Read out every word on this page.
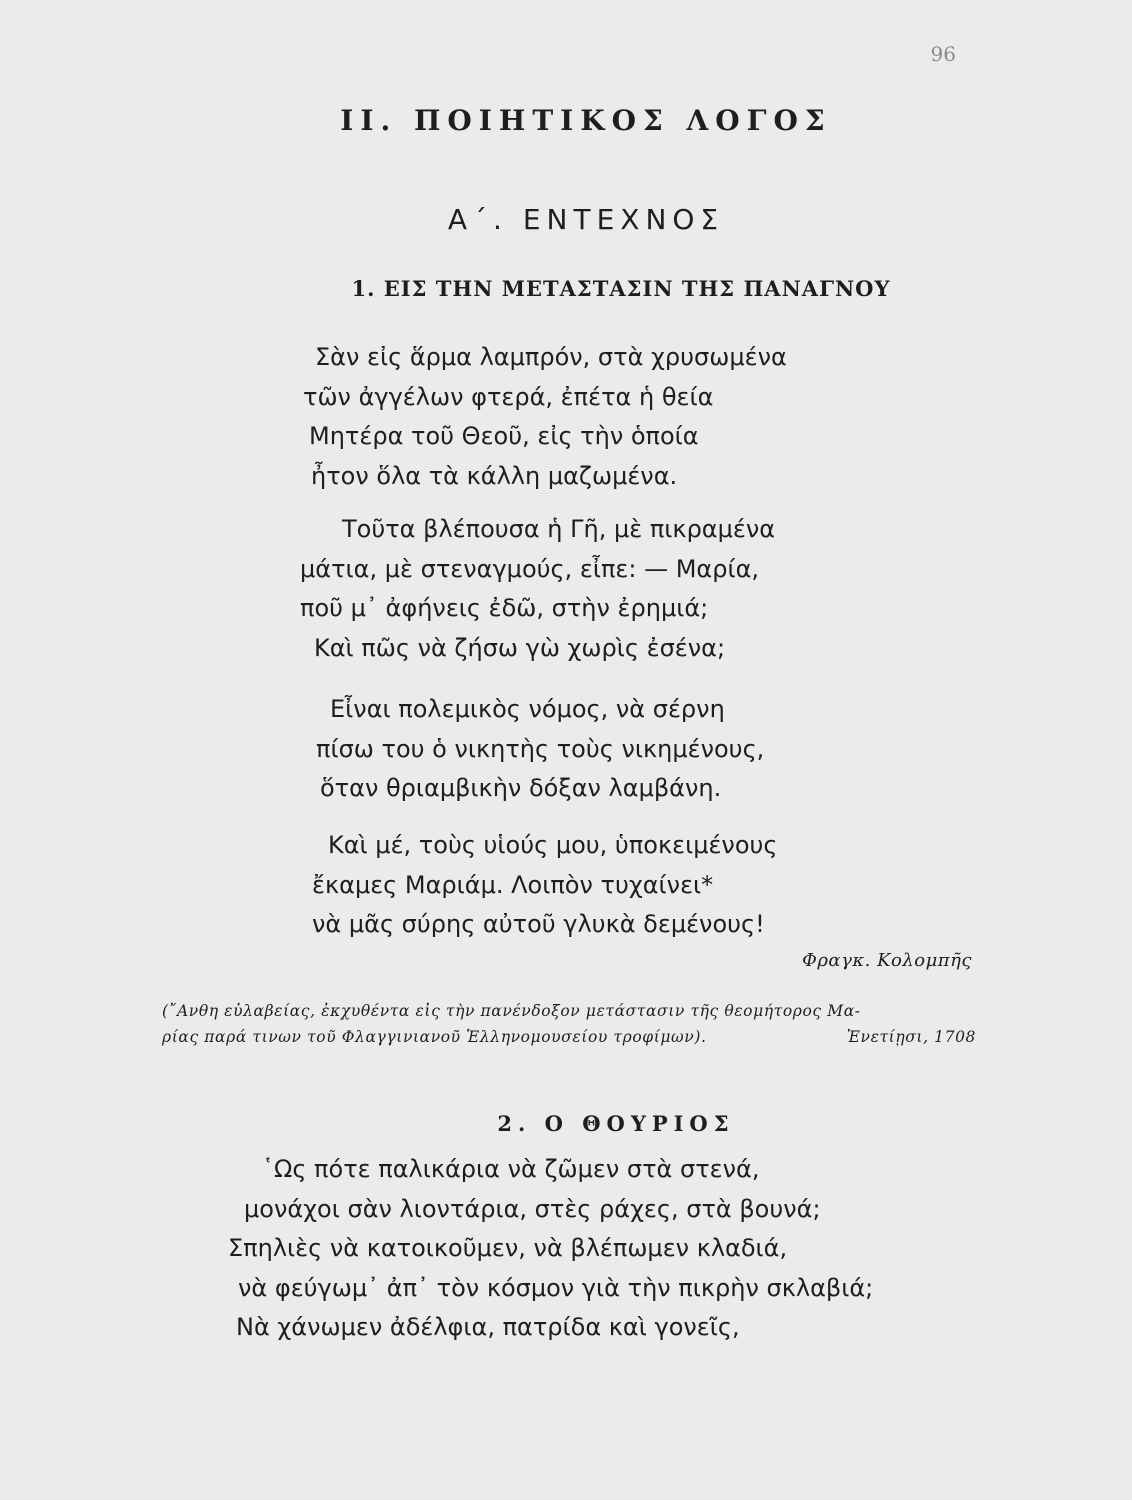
96
ΙΙ. ΠΟΙΗΤΙΚΟΣ ΛΟΓΟΣ
Α΄. ΕΝΤΕΧΝΟΣ
1. ΕΙΣ ΤΗΝ ΜΕΤΑΣΤΑΣΙΝ ΤΗΣ ΠΑΝΑΓΝΟΥ
Σὰν εἰς ἅρμα λαμπρόν, στὰ χρυσωμένα
τῶν ἀγγέλων φτερά, ἐπέτα ἡ θεία
Μητέρα τοῦ Θεοῦ, εἰς τὴν ὁποία
ἦτον ὅλα τὰ κάλλη μαζωμένα.
Τοῦτα βλέπουσα ἡ Γῆ, μὲ πικραμένα
μάτια, μὲ στεναγμούς, εἶπε: — Μαρία,
ποῦ μ᾽ ἀφήνεις ἐδῶ, στὴν ἐρημιά;
Καὶ πῶς νὰ ζήσω γὼ χωρὶς ἐσένα;
Εἶναι πολεμικὸς νόμος, νὰ σέρνη
πίσω του ὁ νικητὴς τοὺς νικημένους,
ὅταν θριαμβικὴν δόξαν λαμβάνη.
Καὶ μέ, τοὺς υἱούς μου, ὑποκειμένους
ἔκαμες Μαριάμ. Λοιπὸν τυχαίνει*
νὰ μᾶς σύρης αὐτοῦ γλυκὰ δεμένους!
Φραγκ. Κολομπῆς
(῎Ανθη εὐλαβείας, ἐκχυθέντα εἰς τὴν πανένδοξον μετάστασιν τῆς θεομήτορος Μα-
ρίας παρά τινων τοῦ Φλαγγινιανοῦ Ἑλληνομουσείου τροφίμων).	Ἐνετίῃσι, 1708
2. Ο ΘΟΥΡΙΟΣ
῾Ως πότε παλικάρια νὰ ζῶμεν στὰ στενά,
μονάχοι σὰν λιοντάρια, στὲς ράχες, στὰ βουνά;
Σπηλιὲς νὰ κατοικοῦμεν, νὰ βλέπωμεν κλαδιά,
νὰ φεύγωμ᾽ ἀπ᾽ τὸν κόσμον γιὰ τὴν πικρὴν σκλαβιά;
Νὰ χάνωμεν ἀδέλφια, πατρίδα καὶ γονεῖς,
